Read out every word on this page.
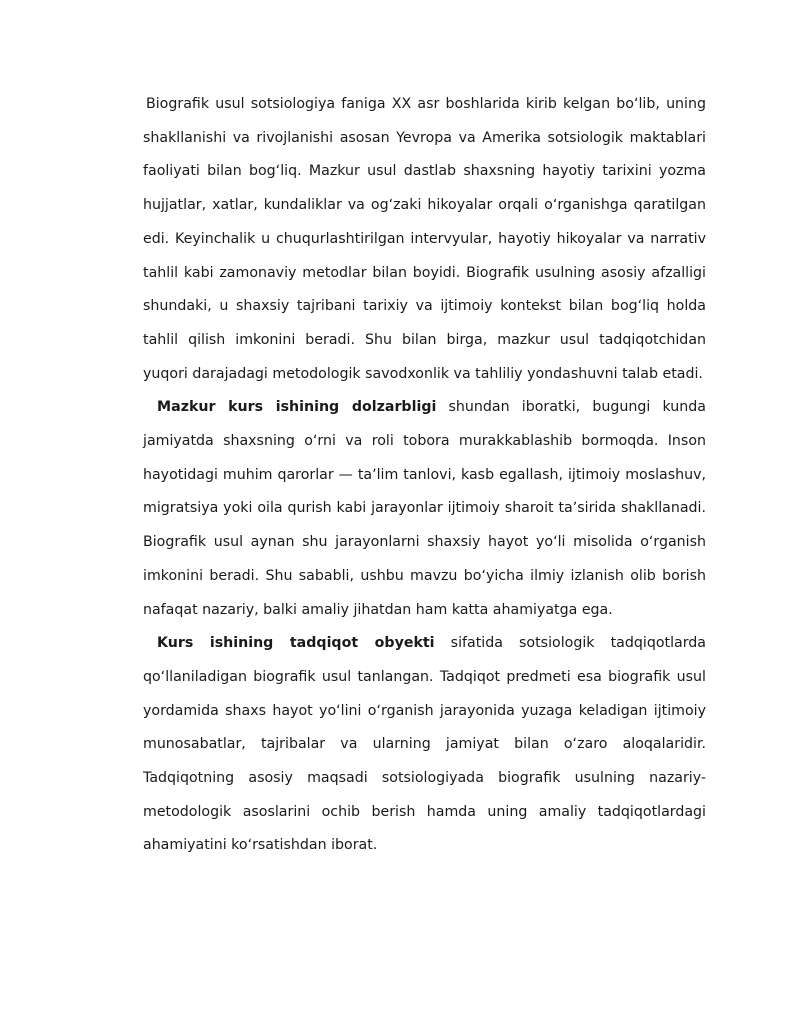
Biografik usul sotsiologiya faniga XX asr boshlarida kirib kelgan boʻlib, uning shakllanishi va rivojlanishi asosan Yevropa va Amerika sotsiologik maktablari faoliyati bilan bogʻliq. Mazkur usul dastlab shaxsning hayotiy tarixini yozma hujjatlar, xatlar, kundaliklar va ogʻzaki hikoyalar orqali oʻrganishga qaratilgan edi. Keyinchalik u chuqurlashtirilgan intervyular, hayotiy hikoyalar va narrativ tahlil kabi zamonaviy metodlar bilan boyidi. Biografik usulning asosiy afzalligi shundaki, u shaxsiy tajribani tarixiy va ijtimoiy kontekst bilan bogʻliq holda tahlil qilish imkonini beradi. Shu bilan birga, mazkur usul tadqiqotchidan yuqori darajadagi metodologik savodxonlik va tahliliy yondashuvni talab etadi.

Mazkur kurs ishining dolzarbligi shundan iboratki, bugungi kunda jamiyatda shaxsning oʻrni va roli tobora murakkablashib bormoqda. Inson hayotidagi muhim qarorlar — taʼlim tanlovi, kasb egallash, ijtimoiy moslashuv, migratsiya yoki oila qurish kabi jarayonlar ijtimoiy sharoit taʼsirida shakllanadi. Biografik usul aynan shu jarayonlarni shaxsiy hayot yoʻli misolida oʻrganish imkonini beradi. Shu sababli, ushbu mavzu boʻyicha ilmiy izlanish olib borish nafaqat nazariy, balki amaliy jihatdan ham katta ahamiyatga ega.

Kurs ishining tadqiqot obyekti sifatida sotsiologik tadqiqotlarda qoʻllaniladigan biografik usul tanlangan. Tadqiqot predmeti esa biografik usul yordamida shaxs hayot yoʻlini oʻrganish jarayonida yuzaga keladigan ijtimoiy munosabatlar, tajribalar va ularning jamiyat bilan oʻzaro aloqalaridir. Tadqiqotning asosiy maqsadi sotsiologiyada biografik usulning nazariy-metodologik asoslarini ochib berish hamda uning amaliy tadqiqotlardagi ahamiyatini koʻrsatishdan iborat.
